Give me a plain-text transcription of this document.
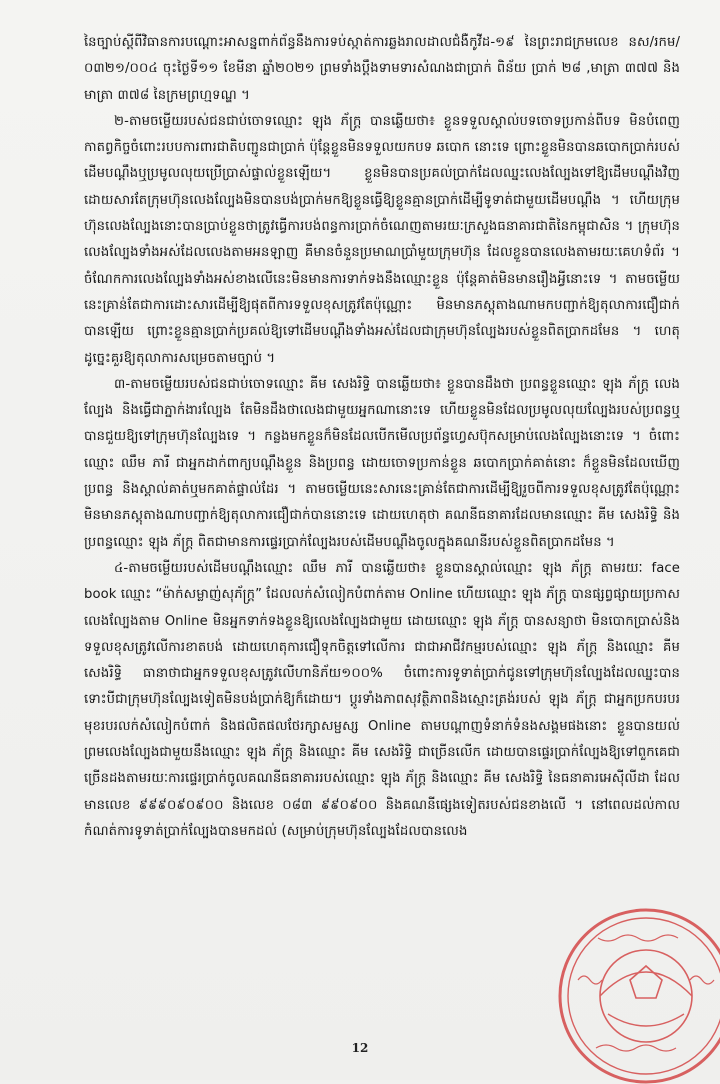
នៃច្បាប់ស្តីពីវិធានការបណ្តោះអាសន្នពាក់ព័ន្ធនឹងការទប់ស្កាត់ការឆ្លងរាលដាលជំងឺកូវីដ-១៩ នៃព្រះរាជក្រមលេខ នស/រកម/០៣២១/០០៤ ចុះថ្ងៃទី១១ ខែមីនា ឆ្នាំ២០២១ ព្រមទាំងប្តឹងទាមទារសំណងជាប្រាក់ ពិន័យ ប្រាក់ ២៨ ,មាត្រា ៣៧៧ និងមាត្រា ៣៧៨ នៃក្រមព្រហ្មទណ្ឌ ។

២-តាមចម្លើយរបស់ជនជាប់ចោទឈ្មោះ ឡុង ភ័ក្ដ្រ បានឆ្លើយថា៖ ខ្លួនទទួលស្គាល់បទចោទប្រកាន់ពីបទ មិនបំពេញកាតព្វកិច្ចចំពោះរបបការពារជាតិបញ្ជូនជាប្រាក់ ប៉ុន្តែខ្លួនមិនទទួលយកបទ ឆបោក នោះទេ ព្រោះខ្លួនមិនបានឆបោកប្រាក់របស់ដើមបណ្តឹងឬប្រមូលលុយប្រើប្រាស់ផ្ទាល់ខ្លួនឡើយ។ ខ្លួនមិនបានប្រគល់ប្រាក់ដែលឈ្នះលេងល្បែងទៅឱ្យដើមបណ្តឹងវិញ ដោយសារតែក្រុមហ៊ុនលេងល្បែងមិនបានបង់ប្រាក់មកឱ្យខ្លួនធ្វើឱ្យខ្លួនគ្មានប្រាក់ដើម្បីទូទាត់ជាមួយដើមបណ្តឹង ។ ហើយក្រុមហ៊ុនលេងល្បែងនោះបានប្រាប់ខ្លួនថាត្រូវធ្វើការបង់ពន្ធការប្រាក់ចំណេញតាមរយៈក្រសួងធនាគារជាតិនៃកម្ពុជាសិន ។ ក្រុមហ៊ុនលេងល្បែងទាំងអស់ដែលលេងតាមអនឡាញ គឺមានចំនួនប្រមាណប្រាំមួយក្រុមហ៊ុន ដែលខ្លួនបានលេងតាមរយៈគេហទំព័រ ។ ចំណែកការលេងល្បែងទាំងអស់ខាងលើនេះមិនមានការទាក់ទងនឹងឈ្មោះខ្លួន ប៉ុន្តែគាត់មិនមានរឿងអ្វីនោះទេ ។ តាមចម្លើយនេះគ្រាន់តែជាការដោះសារដើម្បីឱ្យផុតពីការទទួលខុសត្រូវតែប៉ុណ្ណោះ មិនមានភស្តុតាងណាមកបញ្ជាក់ឱ្យតុលាការជឿជាក់បានឡើយ ព្រោះខ្លួនគ្មានប្រាក់ប្រគល់ឱ្យទៅដើមបណ្តឹងទាំងអស់ដែលជាក្រុមហ៊ុនល្បែងរបស់ខ្លួនពិតប្រាកដមែន ។ ហេតុដូច្នេះគួរឱ្យតុលាការសម្រេចតាមច្បាប់ ។

៣-តាមចម្លើយរបស់ជនជាប់ចោទឈ្មោះ គីម សេងរិទ្ធិ បានឆ្លើយថា៖ ខ្លួនបានដឹងថា ប្រពន្ធខ្លួនឈ្មោះ ឡុង ភ័ក្ដ្រ លេងល្បែង និងធ្វើជាភ្នាក់ងារល្បែង តែមិនដឹងថាលេងជាមួយអ្នកណានោះទេ ហើយខ្លួនមិនដែលប្រមូលលុយល្បែងរបស់ប្រពន្ធឬបានជួយឱ្យទៅក្រុមហ៊ុនល្បែងទេ ។ កន្លងមកខ្លួនក៏មិនដែលបើកមើលប្រព័ន្ធហ្វេសប៊ុកសម្រាប់លេងល្បែងនោះទេ ។ ចំពោះឈ្មោះ ឈឹម ភារី ជាអ្នកដាក់ពាក្យបណ្តឹងខ្លួន និងប្រពន្ធ ដោយចោទប្រកាន់ខ្លួន ឆបោកប្រាក់គាត់នោះ ក៏ខ្លួនមិនដែលឃើញប្រពន្ធ និងស្គាល់គាត់ឬមកគាត់ផ្ទាល់ដែរ ។ តាមចម្លើយនេះសារនេះគ្រាន់តែជាការដើម្បីឱ្យរួចពីការទទួលខុសត្រូវតែប៉ុណ្ណោះ មិនមានភស្តុតាងណាបញ្ជាក់ឱ្យតុលាការជឿជាក់បាននោះទេ ដោយហេតុថា គណនីធនាគារដែលមានឈ្មោះ គីម សេងរិទ្ធិ និងប្រពន្ធឈ្មោះ ឡុង ភ័ក្ដ្រ ពិតជាមានការផ្ទេរប្រាក់ល្បែងរបស់ដើមបណ្តឹងចូលក្នុងគណនីរបស់ខ្លួនពិតប្រាកដមែន ។

៤-តាមចម្លើយរបស់ដើមបណ្តឹងឈ្មោះ ឈឹម ភារី បានឆ្លើយថា៖ ខ្លួនបានស្គាល់ឈ្មោះ ឡុង ភ័ក្ដ្រ តាមរយៈ face book ឈ្មោះ “ម៉ាក់សម្លាញ់សុភ័ក្ដ្រ” ដែលលក់សំលៀកបំពាក់តាម Online ហើយឈ្មោះ ឡុង ភ័ក្ដ្រ បានផ្សព្វផ្សាយប្រកាស លេងល្បែងតាម Online មិនអ្នកទាក់ទងខ្លួនឱ្យលេងល្បែងជាមួយ ដោយឈ្មោះ ឡុង ភ័ក្ដ្រ បានសន្យាថា មិនបោកប្រាស់និងទទួលខុសត្រូវលើការខាតបង់ ដោយហេតុការជឿទុកចិត្តទៅលើការ ជាជាអាជីវកម្មរបស់ឈ្មោះ ឡុង ភ័ក្ដ្រ និងឈ្មោះ គីម សេងរិទ្ធិ ធានាថាជាអ្នកទទួលខុសត្រូវលើហានិភ័យ១០០% ចំពោះការទូទាត់ប្រាក់ជូនទៅក្រុមហ៊ុនល្បែងដែលឈ្នះបាន ទោះបីជាក្រុមហ៊ុនល្បែងទៀតមិនបង់ប្រាក់ឱ្យក៏ដោយ។ ប្តូរទាំងភាពសុវត្ថិភាពនិងស្មោះត្រង់របស់ ឡុង ភ័ក្ដ្រ ជាអ្នកប្រកបរបរមុខរបរលក់សំលៀកបំពាក់ និងផលិតផលថែរក្សាសម្ផស្ស Online តាមបណ្តាញទំនាក់ទំនងសង្គមផងនោះ ខ្លួនបានយល់ព្រមលេងល្បែងជាមួយនឹងឈ្មោះ ឡុង ភ័ក្ដ្រ និងឈ្មោះ គីម សេងរិទ្ធិ ជាច្រើនលើក ដោយបានផ្ទេរប្រាក់ល្បែងឱ្យទៅពួកគេជាច្រើនដងតាមរយៈការផ្ទេរប្រាក់ចូលគណនីធនាគាររបស់ឈ្មោះ ឡុង ភ័ក្ដ្រ និងឈ្មោះ គីម សេងរិទ្ធិ នៃធនាគារអេស៊ីលីដា ដែលមានលេខ ៩៩៩០៩០៩០០ និងលេខ ០៨៣ ៩៩០៩០០ និងគណនីផ្សេងទៀតរបស់ជនខាងលើ ។ នៅពេលដល់កាលកំណត់ការទូទាត់ប្រាក់ល្បែងបានមកដល់ (សម្រាប់ក្រុមហ៊ុនល្បែងដែលបានលេង

12
